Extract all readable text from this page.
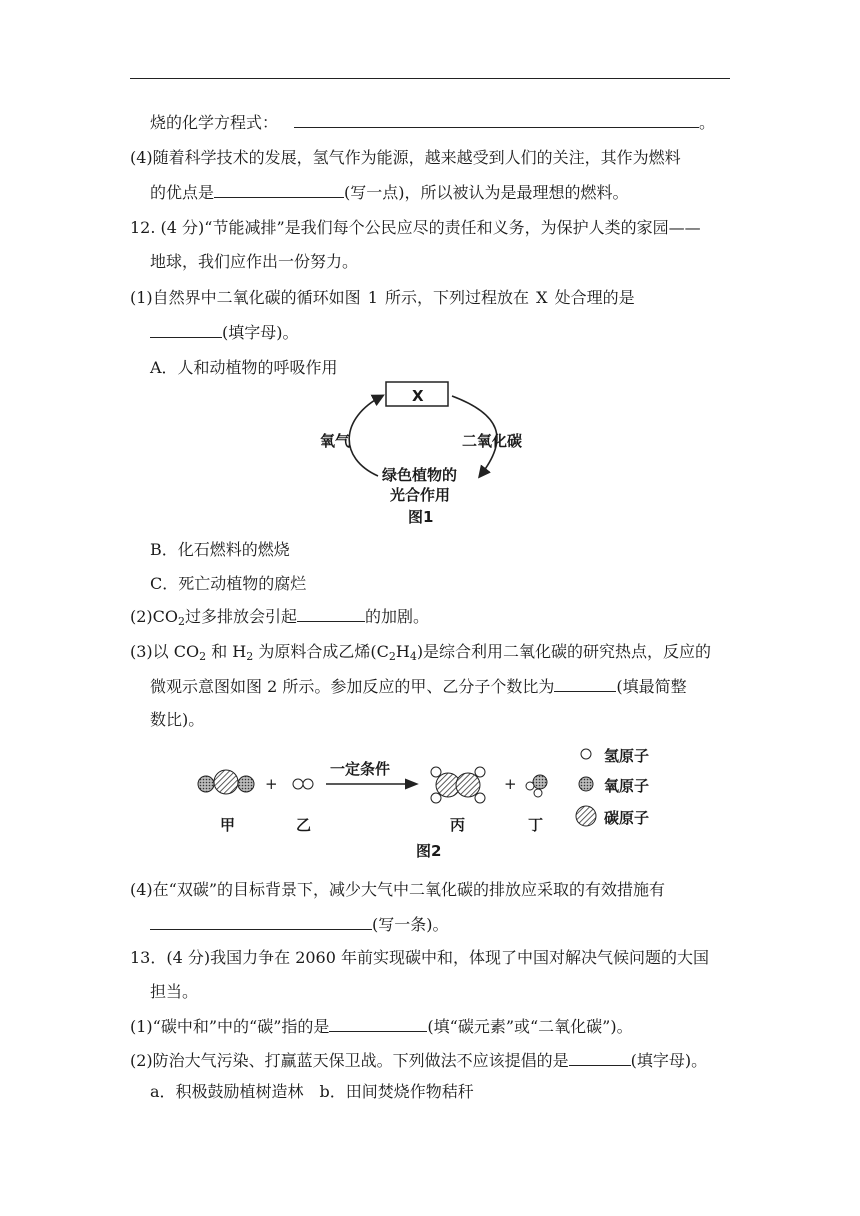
烧的化学方程式：	。
(4)随着科学技术的发展，氢气作为能源，越来越受到人们的关注，其作为燃料
的优点是	(写一点)，所以被认为是最理想的燃料。
12. (4 分)“节能减排”是我们每个公民应尽的责任和义务，为保护人类的家园——
地球，我们应作出一份努力。
(1)自然界中二氧化碳的循环如图 1 所示，下列过程放在 X 处合理的是
(填字母)。
A．人和动植物的呼吸作用
X
氧气	二氧化碳
绿色植物的
光合作用
图1
B．化石燃料的燃烧
C．死亡动植物的腐烂
$(2)CO_2$过多排放会引起	的加剧。
(3)以 $CO_2$ 和 $H_2$ 为原料合成乙烯$(C_2H_4)$是综合利用二氧化碳的研究热点，反应的
微观示意图如图 2 所示。参加反应的甲、乙分子个数比为	(填最简整
数比)。
+
一定条件
+
甲	乙	丙	丁
氢原子
氧原子
碳原子
图2
(4)在“双碳”的目标背景下，减少大气中二氧化碳的排放应采取的有效措施有
(写一条)。
13．(4 分)我国力争在 2060 年前实现碳中和，体现了中国对解决气候问题的大国
担当。
(1)“碳中和”中的“碳”指的是	(填“碳元素”或“二氧化碳”)。
(2)防治大气污染、打赢蓝天保卫战。下列做法不应该提倡的是	(填字母)。
a．积极鼓励植树造林　b．田间焚烧作物秸秆
